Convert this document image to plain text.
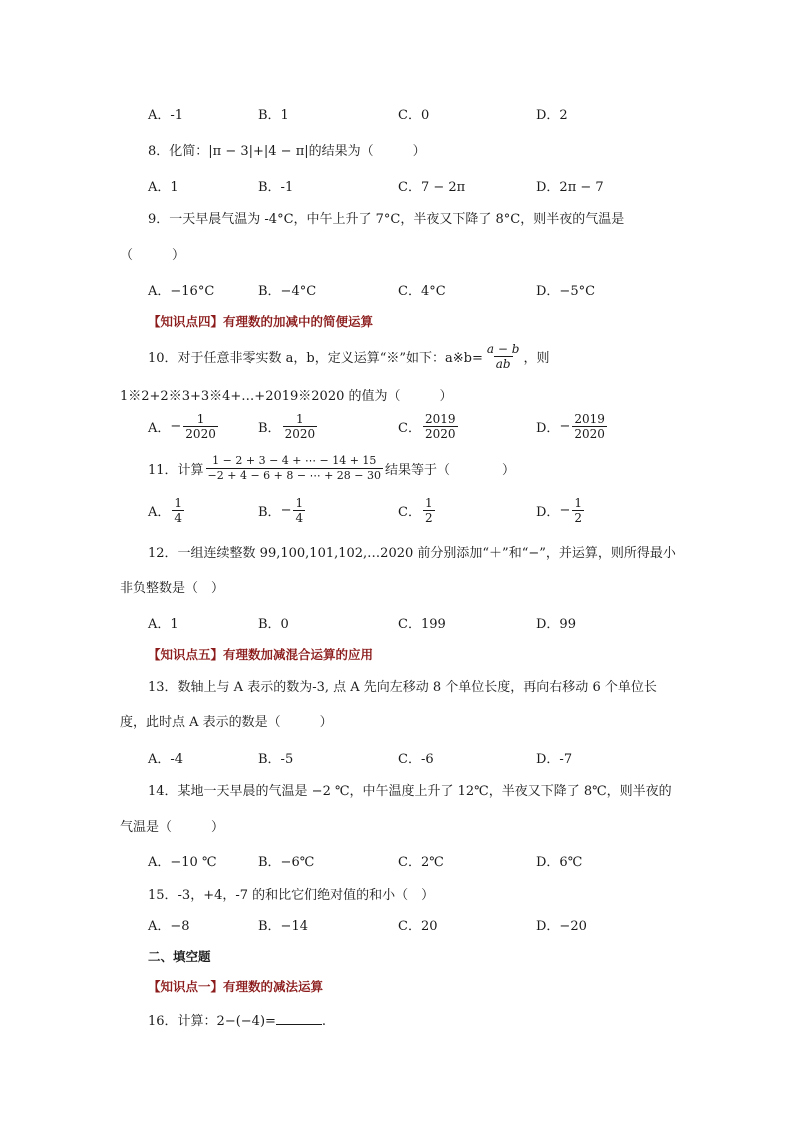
A．-1	B．1	C．0	D．2
8．化简：|π − 3|+|4 − π|的结果为（　　　）
A．1	B．-1	C．7 − 2π	D．2π − 7
9．一天早晨气温为 -4°C，中午上升了 7°C，半夜又下降了 8°C，则半夜的气温是
（　　　）
A．−16°C	B．−4°C	C．4°C	D．−5°C
【知识点四】有理数的加减中的简便运算
10．对于任意非零实数 a，b，定义运算“※”如下：a※b= $\frac{a - b}{ab}$ ，则
1※2+2※3+3※4+…+2019※2020 的值为（　　　）
A． − $\frac{1}{2020}$	B． $\frac{1}{2020}$	C． $\frac{2019}{2020}$	D． − $\frac{2019}{2020}$
11．计算 $\frac{1 - 2 + 3 - 4 + \cdots - 14 + 15}{-2 + 4 - 6 + 8 - \cdots + 28 - 30}$ 结果等于（　　　　）
A． $\frac{1}{4}$	B． − $\frac{1}{4}$	C． $\frac{1}{2}$	D． − $\frac{1}{2}$
12．一组连续整数 99,100,101,102,…2020 前分别添加“＋”和“−”，并运算，则所得最小
非负整数是（　）
A．1	B．0	C．199	D．99
【知识点五】有理数加减混合运算的应用
13．数轴上与 A 表示的数为-3, 点 A 先向左移动 8 个单位长度，再向右移动 6 个单位长
度，此时点 A 表示的数是（　　　）
A．-4	B．-5	C．-6	D．-7
14．某地一天早晨的气温是 −2 ℃，中午温度上升了 12℃，半夜又下降了 8℃，则半夜的
气温是（　　　）
A．−10 ℃	B．−6℃	C．2℃	D．6℃
15．-3，+4，-7 的和比它们绝对值的和小（　）
A．−8	B．−14	C．20	D．−20
二、填空题
【知识点一】有理数的减法运算
16．计算：2−(−4)=	.
